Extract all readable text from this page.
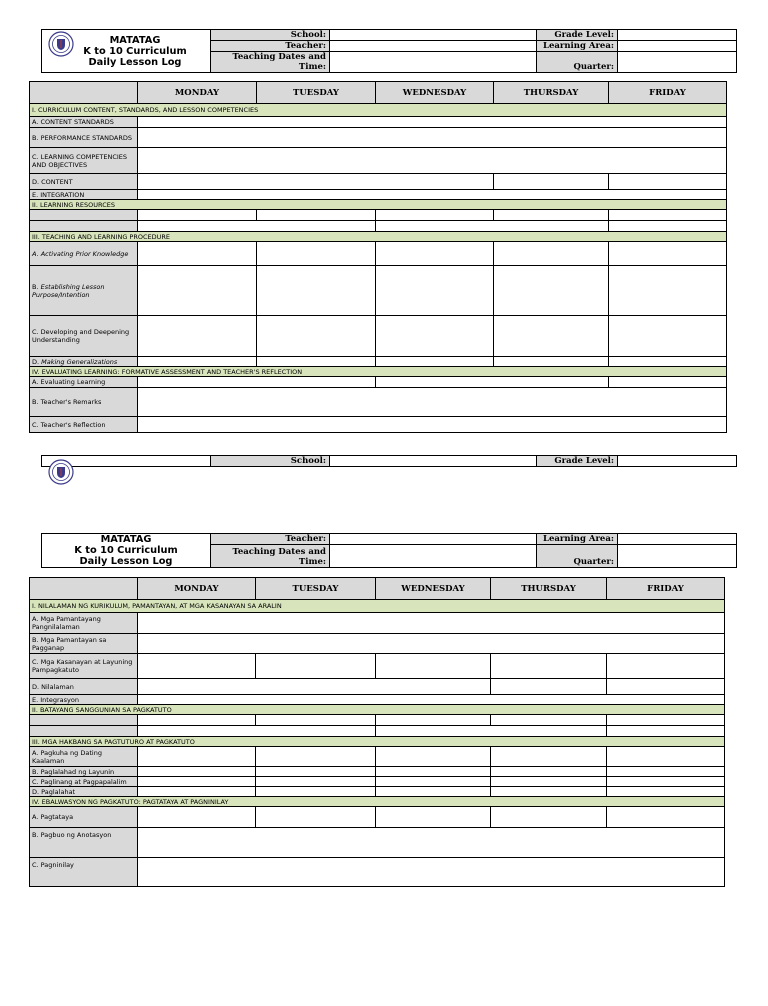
MATATAG
K to 10 Curriculum
Daily Lesson Log	School:		Grade Level:	
	Teacher:		Learning Area:	
	Teaching Dates and Time:		Quarter:	
	MONDAY	TUESDAY	WEDNESDAY	THURSDAY	FRIDAY
I. CURRICULUM CONTENT, STANDARDS, AND LESSON COMPETENCIES					
A. CONTENT STANDARDS					
B. PERFORMANCE STANDARDS					
C. LEARNING COMPETENCIES AND OBJECTIVES					
D. CONTENT					
E. INTEGRATION					
II. LEARNING RESOURCES					

III. TEACHING AND LEARNING PROCEDURE					
A. Activating Prior Knowledge					
B. Establishing Lesson Purpose/Intention					
C. Developing and Deepening Understanding					
D. Making Generalizations					
IV. EVALUATING LEARNING: FORMATIVE ASSESSMENT AND TEACHER'S REFLECTION					
A. Evaluating Learning					
B. Teacher's Remarks					
C. Teacher's Reflection					
	School:		Grade Level:	
MATATAG
K to 10 Curriculum
Daily Lesson Log	Teacher:		Learning Area:	
	Teaching Dates and Time:		Quarter:	
	MONDAY	TUESDAY	WEDNESDAY	THURSDAY	FRIDAY
I. NILALAMAN NG KURIKULUM, PAMANTAYAN, AT MGA KASANAYAN SA ARALIN					
A. Mga Pamantayang Pangnilalaman					
B. Mga Pamantayan sa Pagganap					
C. Mga Kasanayan at Layuning Pampagkatuto					
D. Nilalaman					
E. Integrasyon					
II. BATAYANG SANGGUNIAN SA PAGKATUTO					

III. MGA HAKBANG SA PAGTUTURO AT PAGKATUTO					
A. Pagkuha ng Dating Kaalaman					
B. Paglalahad ng Layunin					
C. Paglinang at Pagpapalalim					
D. Paglalahat					
IV. EBALWASYON NG PAGKATUTO: PAGTATAYA AT PAGNINILAY					
A. Pagtataya					
B. Pagbuo ng Anotasyon					
C. Pagninilay					
